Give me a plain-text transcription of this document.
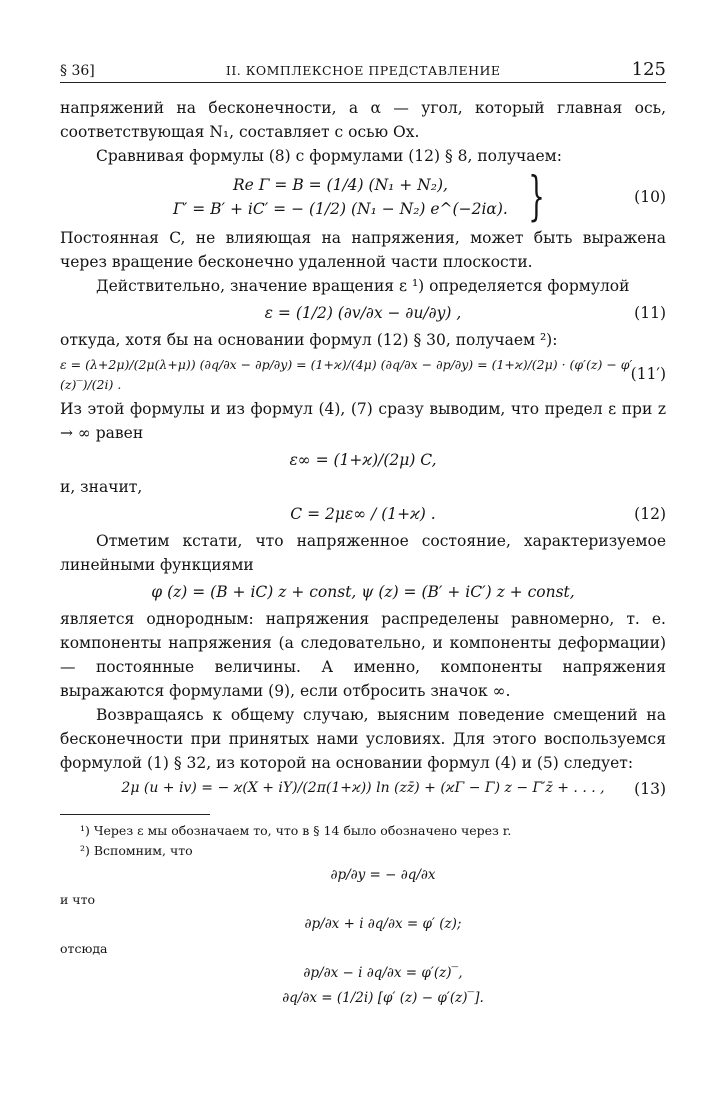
§ 36]	II. КОМПЛЕКСНОЕ ПРЕДСТАВЛЕНИЕ	125

напряжений на бесконечности, а α — угол, который главная ось, соответствующая N₁, составляет с осью Ox.

Сравнивая формулы (8) с формулами (12) § 8, получаем:

Re Γ = B = (1/4) (N₁ + N₂),
Γ′ = B′ + iC′ = − (1/2) (N₁ − N₂) e^(−2iα). }	(10)

Постоянная C, не влияющая на напряжения, может быть выражена через вращение бесконечно удаленной части плоскости.

Действительно, значение вращения ε ¹) определяется формулой

ε = (1/2) (∂v/∂x − ∂u/∂y) ,	(11)

откуда, хотя бы на основании формул (12) § 30, получаем ²):

ε = (λ+2μ)/(2μ(λ+μ)) (∂q/∂x − ∂p/∂y) = (1+ϰ)/(4μ) (∂q/∂x − ∂p/∂y) = (1+ϰ)/(2μ) · (φ′(z) − φ′(z)‾)/(2i) .
(11′)

Из этой формулы и из формул (4), (7) сразу выводим, что предел ε при z → ∞ равен

ε∞ = (1+ϰ)/(2μ) C,

и, значит,

C = 2με∞ / (1+ϰ) .	(12)

Отметим кстати, что напряженное состояние, характеризуемое линейными функциями

φ (z) = (B + iC) z + const, ψ (z) = (B′ + iC′) z + const,

является однородным: напряжения распределены равномерно, т. е. компоненты напряжения (а следовательно, и компоненты деформации) — постоянные величины. А именно, компоненты напряжения выражаются формулами (9), если отбросить значок ∞.

Возвращаясь к общему случаю, выясним поведение смещений на бесконечности при принятых нами условиях. Для этого воспользуемся формулой (1) § 32, из которой на основании формул (4) и (5) следует:

2μ (u + iv) = − ϰ(X + iY)/(2π(1+ϰ)) ln (zz̄) + (ϰΓ − Γ̄) z − Γ̄′z̄ + . . . , (13)

¹) Через ε мы обозначаем то, что в § 14 было обозначено через r.

²) Вспомним, что

∂p/∂y = − ∂q/∂x

и что

∂p/∂x + i ∂q/∂x = φ′ (z);

отсюда

∂p/∂x − i ∂q/∂x = φ′(z)‾,
∂q/∂x = (1/2i) [φ′ (z) − φ′(z)‾].
